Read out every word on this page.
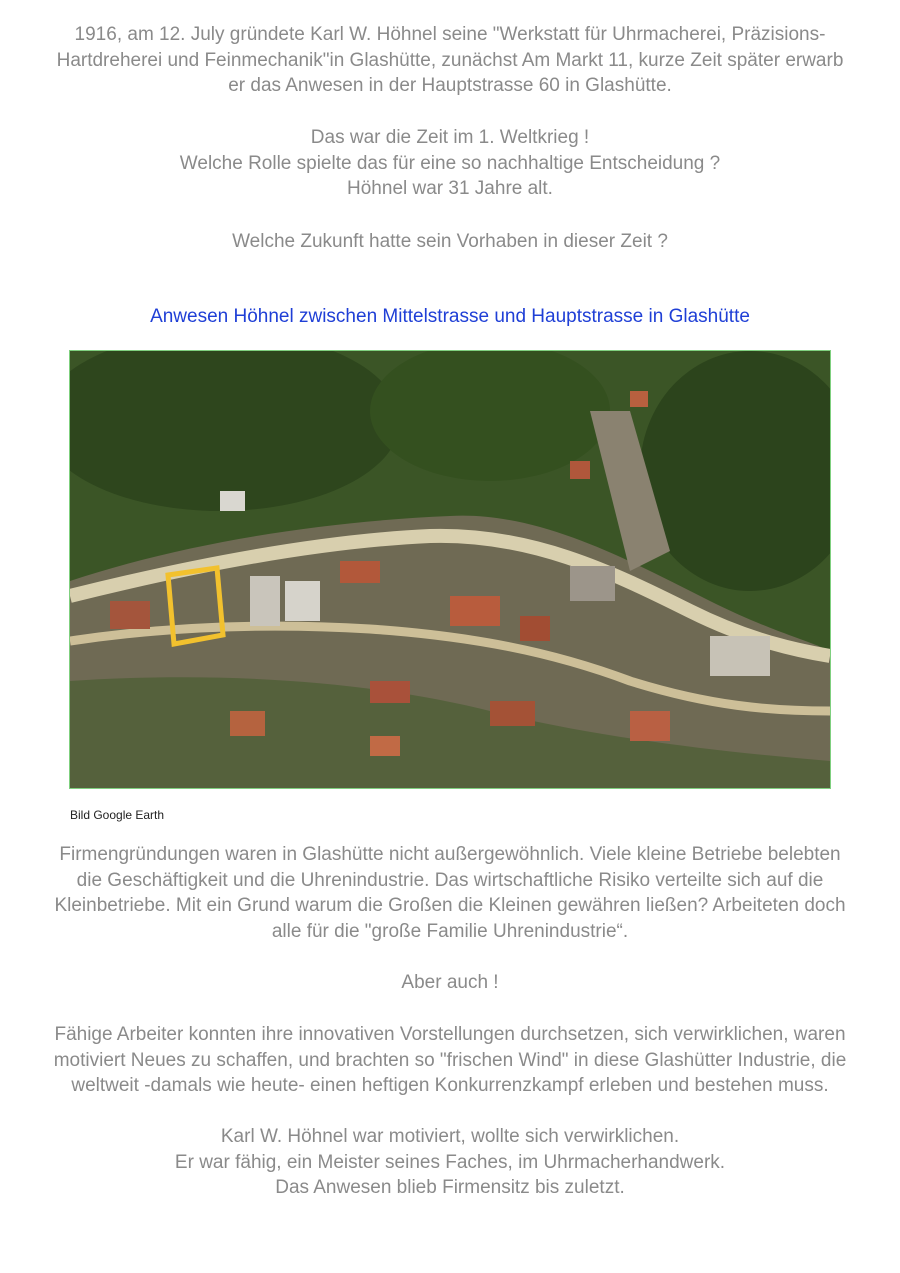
1916, am 12. July gründete Karl W. Höhnel seine "Werkstatt für Uhrmacherei, Präzisions-
Hartdreherei und Feinmechanik"in Glashütte, zunächst Am Markt 11, kurze Zeit später erwarb
er das Anwesen in der Hauptstrasse 60 in Glashütte.
Das war die Zeit im 1. Weltkrieg !
Welche Rolle spielte das für eine so nachhaltige Entscheidung ?
Höhnel war 31 Jahre alt.
Welche Zukunft hatte sein Vorhaben in dieser Zeit ?

Anwesen Höhnel zwischen Mittelstrasse und Hauptstrasse in Glashütte

Bild Google Earth
Firmengründungen waren in Glashütte nicht außergewöhnlich. Viele kleine Betriebe belebten
die Geschäftigkeit und die Uhrenindustrie. Das wirtschaftliche Risiko verteilte sich auf die
Kleinbetriebe. Mit ein Grund warum die Großen die Kleinen gewähren ließen? Arbeiteten doch
alle für die "große Familie Uhrenindustrie“.
Aber auch !
Fähige Arbeiter konnten ihre innovativen Vorstellungen durchsetzen, sich verwirklichen, waren
motiviert Neues zu schaffen, und brachten so "frischen Wind" in diese Glashütter Industrie, die
weltweit -damals wie heute- einen heftigen Konkurrenzkampf erleben und bestehen muss.
Karl W. Höhnel war motiviert, wollte sich verwirklichen.
Er war fähig, ein Meister seines Faches, im Uhrmacherhandwerk.
Das Anwesen blieb Firmensitz bis zuletzt.
